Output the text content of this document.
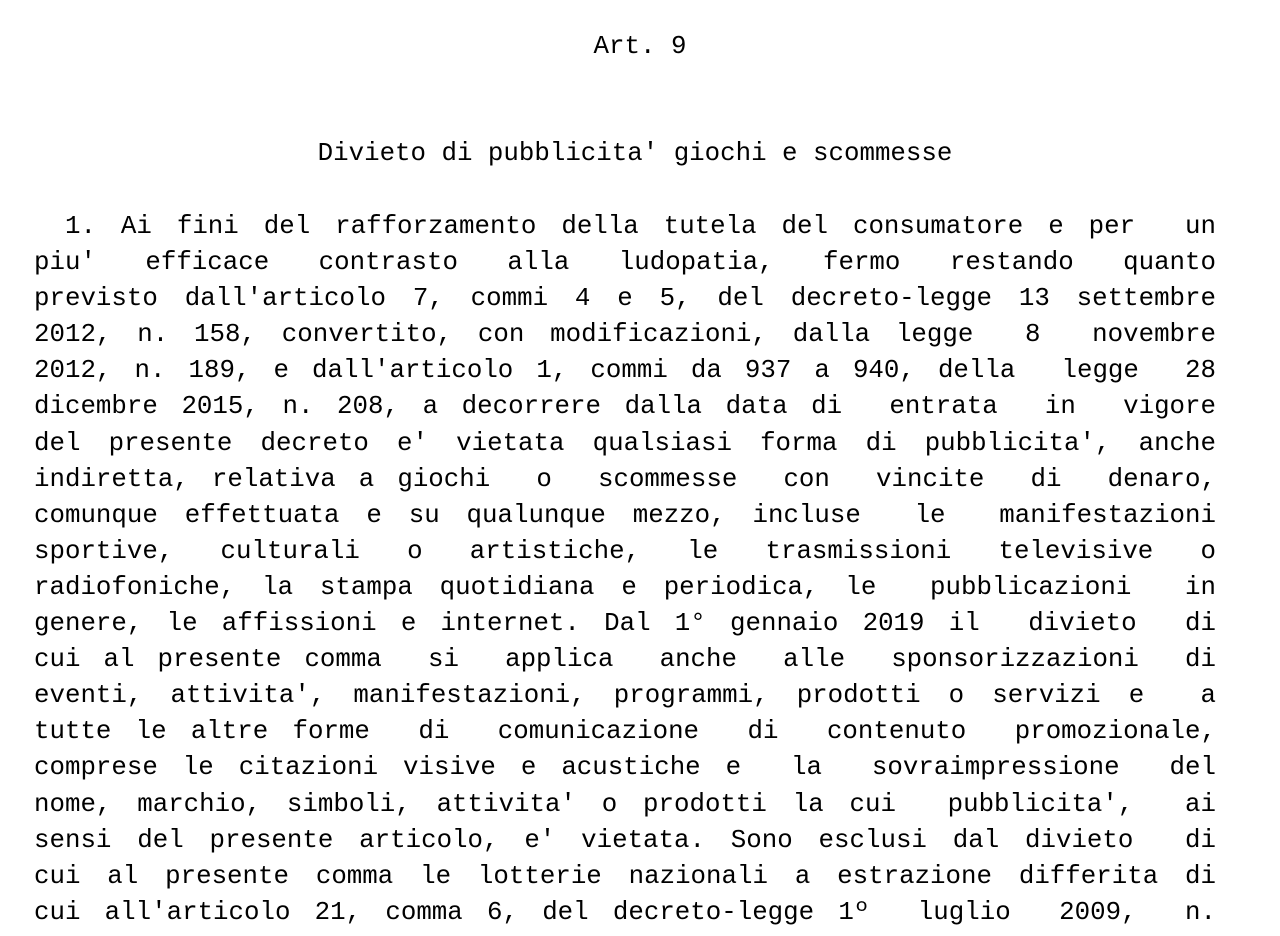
Art. 9
Divieto di pubblicita' giochi e scommesse
1. Ai fini del rafforzamento della tutela del consumatore e per  un
piu'  efficace  contrasto  alla  ludopatia,  fermo  restando  quanto
previsto dall'articolo 7, commi 4 e 5, del decreto-legge 13 settembre
2012, n. 158, convertito, con modificazioni, dalla legge  8  novembre
2012, n. 189, e dall'articolo 1, commi da 937 a 940, della  legge  28
dicembre 2015, n. 208, a decorrere dalla data di  entrata  in  vigore
del presente decreto e' vietata qualsiasi forma di pubblicita', anche
indiretta, relativa a giochi  o  scommesse  con  vincite  di  denaro,
comunque effettuata e su qualunque mezzo, incluse  le  manifestazioni
sportive,  culturali  o  artistiche,  le  trasmissioni  televisive  o
radiofoniche, la stampa quotidiana e periodica, le  pubblicazioni  in
genere, le affissioni e internet. Dal 1° gennaio 2019 il  divieto  di
cui al presente comma  si  applica  anche  alle  sponsorizzazioni  di
eventi, attivita', manifestazioni, programmi, prodotti o servizi e  a
tutte le altre forme  di  comunicazione  di  contenuto  promozionale,
comprese le citazioni visive e acustiche e  la  sovraimpressione  del
nome, marchio, simboli, attivita' o prodotti la cui  pubblicita',  ai
sensi del presente articolo, e' vietata. Sono esclusi dal divieto  di
cui al presente comma le lotterie nazionali a estrazione differita di
cui all'articolo 21, comma 6, del decreto-legge 1º  luglio  2009,  n.
